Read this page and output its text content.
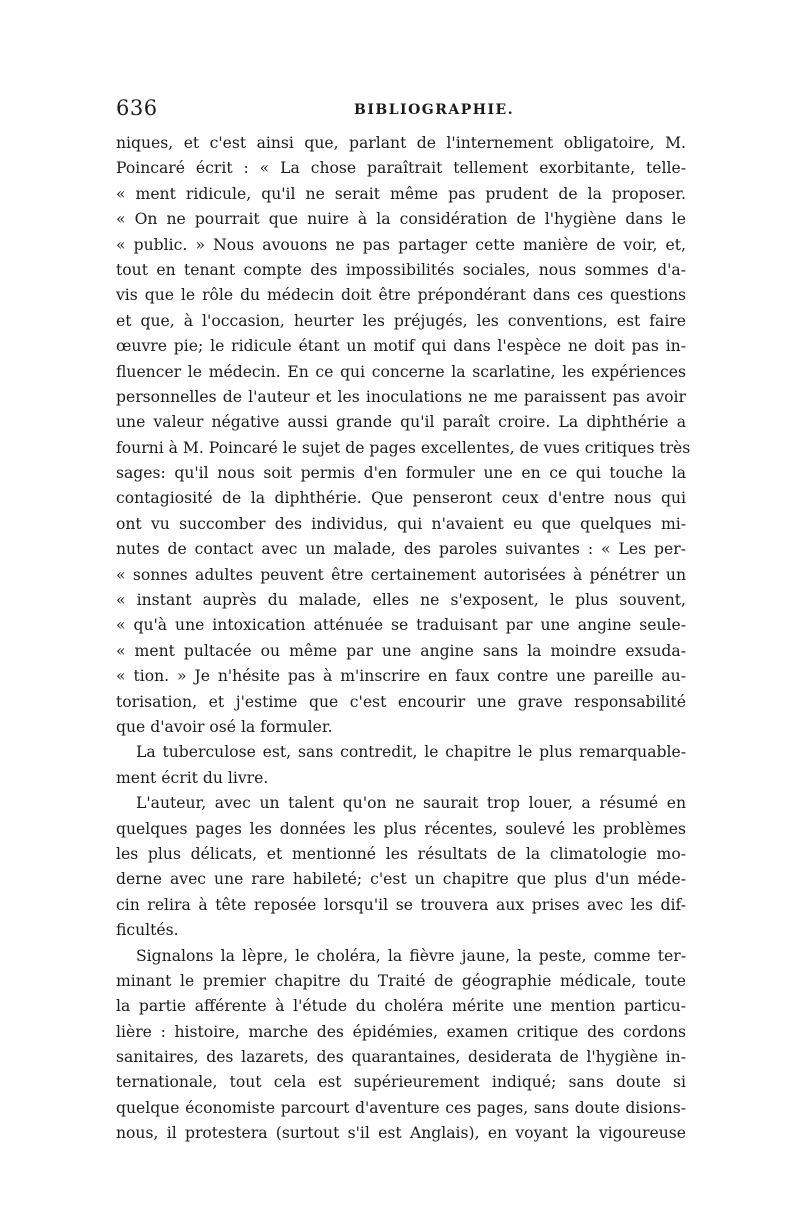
636	BIBLIOGRAPHIE.
niques, et c'est ainsi que, parlant de l'internement obligatoire, M.
Poincaré écrit : « La chose paraîtrait tellement exorbitante, telle-
« ment ridicule, qu'il ne serait même pas prudent de la proposer.
« On ne pourrait que nuire à la considération de l'hygiène dans le
« public. » Nous avouons ne pas partager cette manière de voir, et,
tout en tenant compte des impossibilités sociales, nous sommes d'a-
vis que le rôle du médecin doit être prépondérant dans ces questions
et que, à l'occasion, heurter les préjugés, les conventions, est faire
œuvre pie; le ridicule étant un motif qui dans l'espèce ne doit pas in-
fluencer le médecin. En ce qui concerne la scarlatine, les expériences
personnelles de l'auteur et les inoculations ne me paraissent pas avoir
une valeur négative aussi grande qu'il paraît croire. La diphthérie a
fourni à M. Poincaré le sujet de pages excellentes, de vues critiques très
sages: qu'il nous soit permis d'en formuler une en ce qui touche la
contagiosité de la diphthérie. Que penseront ceux d'entre nous qui
ont vu succomber des individus, qui n'avaient eu que quelques mi-
nutes de contact avec un malade, des paroles suivantes : « Les per-
« sonnes adultes peuvent être certainement autorisées à pénétrer un
« instant auprès du malade, elles ne s'exposent, le plus souvent,
« qu'à une intoxication atténuée se traduisant par une angine seule-
« ment pultacée ou même par une angine sans la moindre exsuda-
« tion. » Je n'hésite pas à m'inscrire en faux contre une pareille au-
torisation, et j'estime que c'est encourir une grave responsabilité
que d'avoir osé la formuler.
La tuberculose est, sans contredit, le chapitre le plus remarquable-
ment écrit du livre.
L'auteur, avec un talent qu'on ne saurait trop louer, a résumé en
quelques pages les données les plus récentes, soulevé les problèmes
les plus délicats, et mentionné les résultats de la climatologie mo-
derne avec une rare habileté; c'est un chapitre que plus d'un méde-
cin relira à tête reposée lorsqu'il se trouvera aux prises avec les dif-
ficultés.
Signalons la lèpre, le choléra, la fièvre jaune, la peste, comme ter-
minant le premier chapitre du Traité de géographie médicale, toute
la partie afférente à l'étude du choléra mérite une mention particu-
lière : histoire, marche des épidémies, examen critique des cordons
sanitaires, des lazarets, des quarantaines, desiderata de l'hygiène in-
ternationale, tout cela est supérieurement indiqué; sans doute si
quelque économiste parcourt d'aventure ces pages, sans doute disions-
nous, il protestera (surtout s'il est Anglais), en voyant la vigoureuse
